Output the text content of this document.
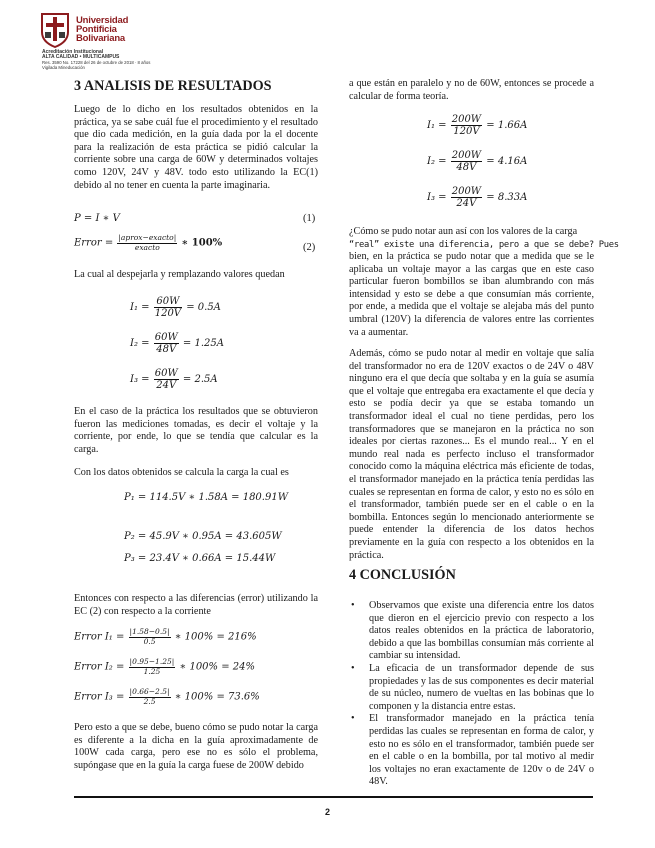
Universidad
Pontificia
Bolivariana
Acreditación Institucional
ALTA CALIDAD • MULTICAMPUS
Res. 3590 No. 17228 del 26 de octubre de 2018 · 8 años
Vigilada Mineducación
3 ANALISIS DE RESULTADOS

Luego de lo dicho en los resultados obtenidos en la práctica, ya se sabe cuál fue el procedimiento y el resultado que dio cada medición, en la guía dada por la el docente para la realización de esta práctica se pidió calcular la corriente sobre una carga de 60W y determinados voltajes como 120V, 24V y 48V. todo esto utilizando la EC(1) debido al no tener en cuenta la parte imaginaria.

P = I ∗ V	(1)
Error = $\frac{\text{|aprox−exacto|}}{\text{exacto}}$ ∗ 100%	(2)
La cual al despejarla y remplazando valores quedan
$I_1 = \frac{60W}{120V} = 0.5A$
$I_2 = \frac{60W}{48V} = 1.25A$
$I_3 = \frac{60W}{24V} = 2.5A$

En el caso de la práctica los resultados que se obtuvieron fueron las mediciones tomadas, es decir el voltaje y la corriente, por ende, lo que se tendía que calcular es la carga.

Con los datos obtenidos se calcula la carga la cual es
P₁ = 114.5V ∗ 1.58A = 180.91W
P₂ = 45.9V ∗ 0.95A = 43.605W
P₃ = 23.4V ∗ 0.66A = 15.44W

Entonces con respecto a las diferencias (error) utilizando la EC (2) con respecto a la corriente

Error $I_1 = \frac{|1.58-0.5|}{0.5}$ ∗ 100% = 216%
Error $I_2 = \frac{|0.95-1.25|}{1.25}$ ∗ 100% = 24%
Error $I_3 = \frac{|0.66-2.5|}{2.5}$ ∗ 100% = 73.6%

Pero esto a que se debe, bueno cómo se pudo notar la carga es diferente a la dicha en la guía aproximadamente de 100W cada carga, pero ese no es sólo el problema, supóngase que en la guía la carga fuese de 200W debido

a que están en paralelo y no de 60W, entonces se procede a calcular de forma teoría.

$I_1 = \frac{200W}{120V} = 1.66A$
$I_2 = \frac{200W}{48V} = 4.16A$
$I_3 = \frac{200W}{24V} = 8.33A$
¿Cómo se pudo notar aun así con los valores de la carga
“real” existe una diferencia, pero a que se debe? Pues

bien, en la práctica se pudo notar que a medida que se le aplicaba un voltaje mayor a las cargas que en este caso particular fueron bombillos se iban alumbrando con más intensidad y esto se debe a que consumían más corriente, por ende, a medida que el voltaje se alejaba más del punto umbral (120V) la diferencia de valores entre las corrientes va a aumentar.

Además, cómo se pudo notar al medir en voltaje que salía del transformador no era de 120V exactos o de 24V o 48V ninguno era el que decía que soltaba y en la guía se asumía que el voltaje que entregaba era exactamente el que decía y esto se podía decir ya que se estaba tomando un transformador ideal el cual no tiene perdidas, pero los transformadores que se manejaron en la práctica no son ideales por ciertas razones... Es el mundo real... Y en el mundo real nada es perfecto incluso el transformador conocido como la máquina eléctrica más eficiente de todas, el transformador manejado en la práctica tenía perdidas las cuales se representan en forma de calor, y esto no es sólo en el transformador, también puede ser en el cable o en la bombilla. Entonces según lo mencionado anteriormente se puede entender la diferencia de los datos hechos previamente en la guía con respecto a los obtenidos en la práctica.

4 CONCLUSIÓN
• Observamos que existe una diferencia entre los datos que dieron en el ejercicio previo con respecto a los datos reales obtenidos en la práctica de laboratorio, debido a que las bombillas consumían más corriente al cambiar su intensidad.
• La eficacia de un transformador depende de sus propiedades y las de sus componentes es decir material de su núcleo, numero de vueltas en las bobinas que lo componen y la distancia entre estas.
• El transformador manejado en la práctica tenía perdidas las cuales se representan en forma de calor, y esto no es sólo en el transformador, también puede ser en el cable o en la bombilla, por tal motivo al medir los voltajes no eran exactamente de 120v o de 24V o 48V.
2
